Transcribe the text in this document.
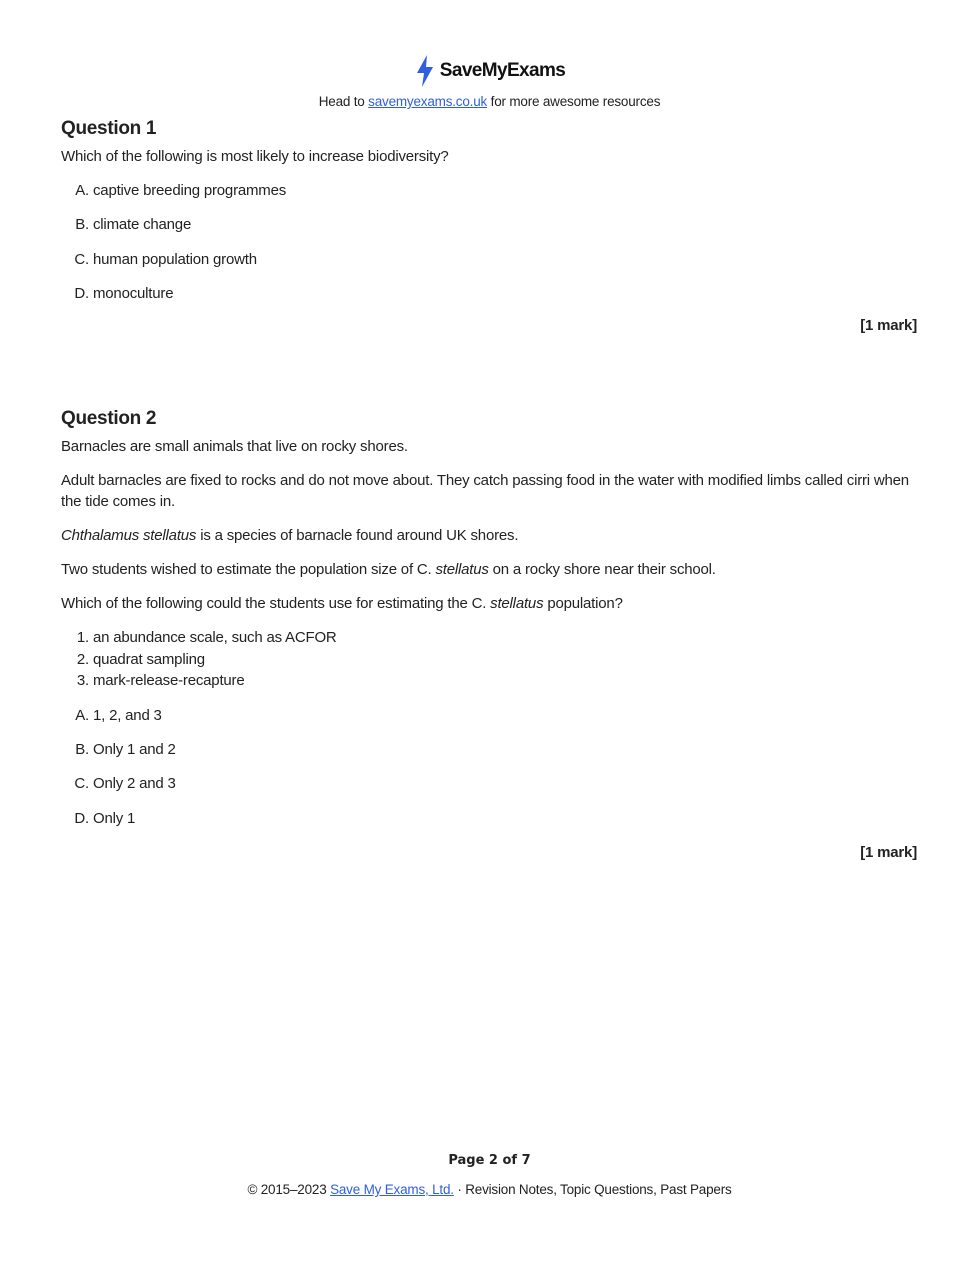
SaveMyExams
Head to savemyexams.co.uk for more awesome resources
Question 1

Which of the following is most likely to increase biodiversity?

A. captive breeding programmes
B. climate change
C. human population growth
D. monoculture
[1 mark]
Question 2

Barnacles are small animals that live on rocky shores.

Adult barnacles are fixed to rocks and do not move about. They catch passing food in the water with modified limbs called cirri when the tide comes in.

Chthalamus stellatus is a species of barnacle found around UK shores.

Two students wished to estimate the population size of C. stellatus on a rocky shore near their school.

Which of the following could the students use for estimating the C. stellatus population?

1. an abundance scale, such as ACFOR
2. quadrat sampling
3. mark-release-recapture
A. 1, 2, and 3
B. Only 1 and 2
C. Only 2 and 3
D. Only 1
[1 mark]
Page 2 of 7
© 2015–2023 Save My Exams, Ltd. · Revision Notes, Topic Questions, Past Papers
